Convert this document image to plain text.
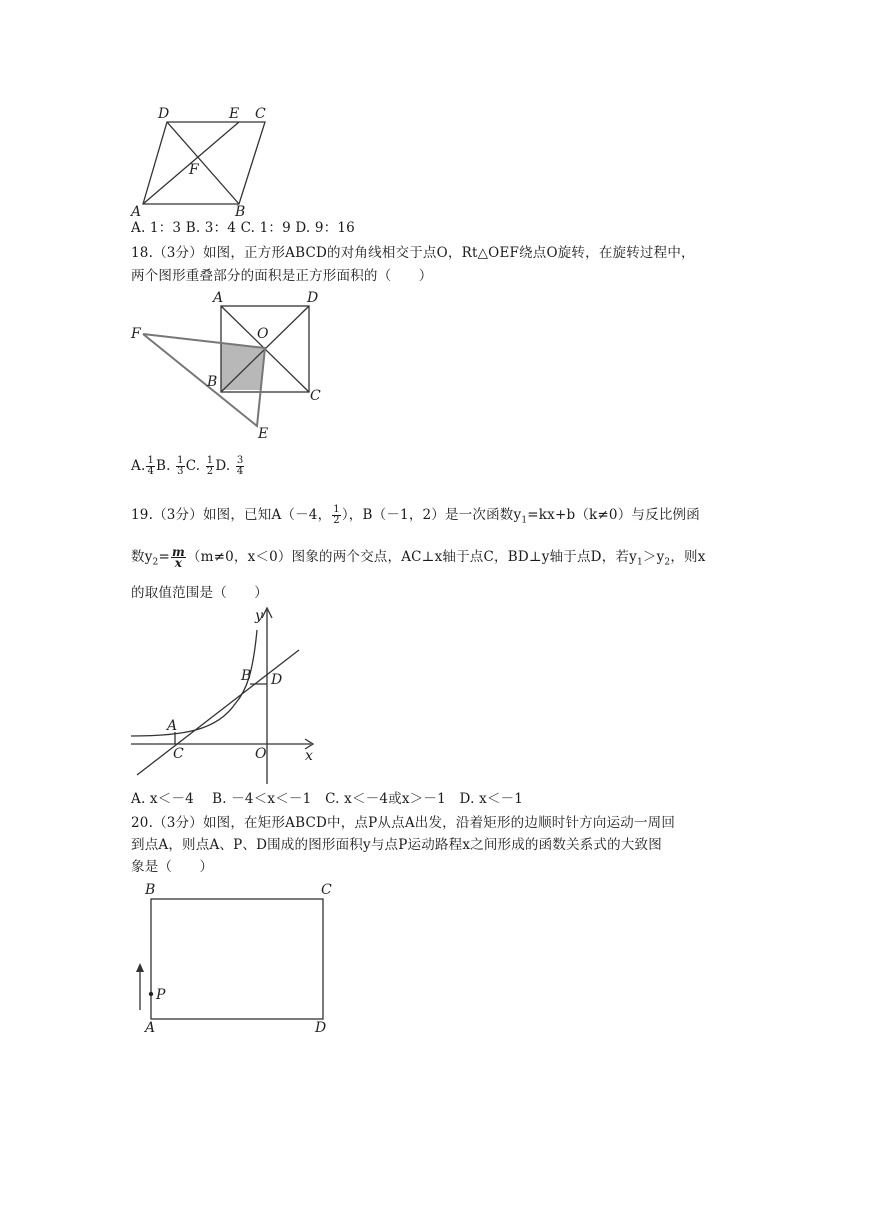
A	B
C
D	E
F
A. 1：3 B. 3：4 C. 1：9 D. 9：16
18.（3分）如图，正方形ABCD的对角线相交于点O，Rt△OEF绕点O旋转，在旋转过程中，
两个图形重叠部分的面积是正方形面积的（　　）
A	D
B
C
O
F
E
A. $\frac{1}{4} B$. $\frac{1}{3} C$. $\frac{1}{2} D$. $\frac{3}{4}$
19.（3分）如图，已知A（－4， $\frac{1}{2}$ ），B（－1，2）是一次函数$y_1=kx+b(k\ne 0)$与反比例函
数$y_2= \frac{m}{x} (m\ne 0$，x＜0）图象的两个交点，AC⊥x轴于点C，BD⊥y轴于点D，若$y_1>y_2$，则x
的取值范围是（　　）
y
x
A
C
B D
O
A. x＜－4　 B. －4＜x＜－1　C. x＜－4或x＞－1　D. x＜－1
20.（3分）如图，在矩形ABCD中，点P从点A出发，沿着矩形的边顺时针方向运动一周回
到点A，则点A、P、D围成的图形面积y与点P运动路程x之间形成的函数关系式的大致图
象是（　　）
B	C
A	D
P
